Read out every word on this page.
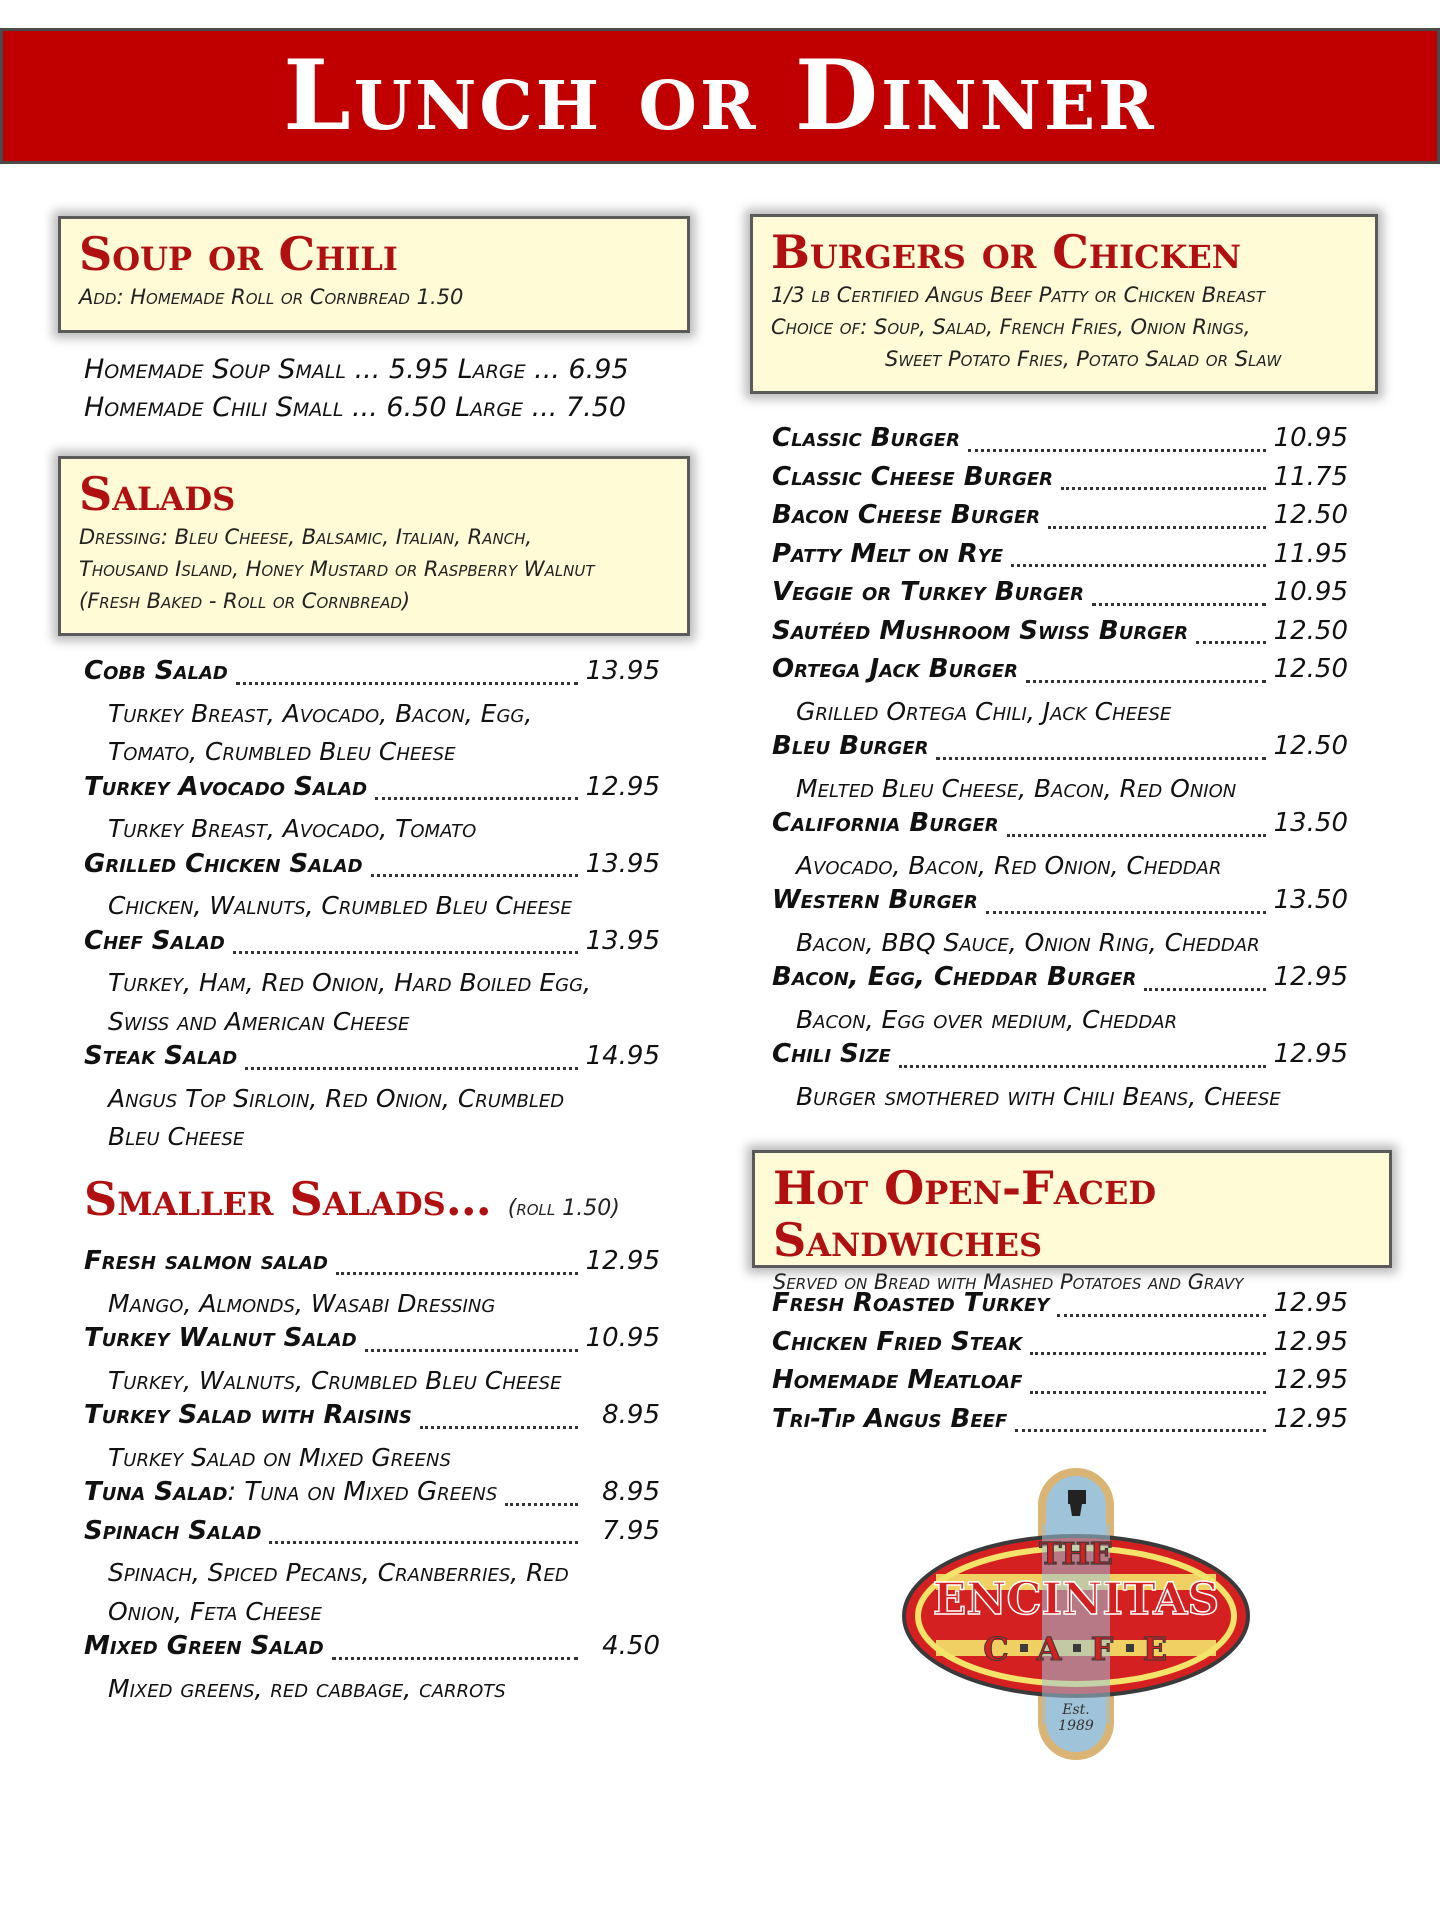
Lunch or Dinner
Soup or Chili
Add: Homemade Roll or Cornbread 1.50
Homemade Soup Small ... 5.95 Large ... 6.95
Homemade Chili Small ... 6.50 Large ... 7.50
Salads
Dressing: Bleu Cheese, Balsamic, Italian, Ranch,
Thousand Island, Honey Mustard or Raspberry Walnut
(Fresh Baked - Roll or Cornbread)
Cobb Salad	13.95
Turkey Breast, Avocado, Bacon, Egg,
Tomato, Crumbled Bleu Cheese
Turkey Avocado Salad	12.95
Turkey Breast, Avocado, Tomato
Grilled Chicken Salad	13.95
Chicken, Walnuts, Crumbled Bleu Cheese
Chef Salad	13.95
Turkey, Ham, Red Onion, Hard Boiled Egg,
Swiss and American Cheese
Steak Salad	14.95
Angus Top Sirloin, Red Onion, Crumbled
Bleu Cheese
Smaller Salads… (roll 1.50)
Fresh salmon salad	12.95
Mango, Almonds, Wasabi Dressing
Turkey Walnut Salad	10.95
Turkey, Walnuts, Crumbled Bleu Cheese
Turkey Salad with Raisins	8.95
Turkey Salad on Mixed Greens
Tuna Salad : Tuna on Mixed Greens	8.95
Spinach Salad	7.95
Spinach, Spiced Pecans, Cranberries, Red
Onion, Feta Cheese
Mixed Green Salad	4.50
Mixed greens, red cabbage, carrots
Burgers or Chicken
1/3 lb Certified Angus Beef Patty or Chicken Breast
Choice of: Soup, Salad, French Fries, Onion Rings,
Sweet Potato Fries, Potato Salad or Slaw
Classic Burger	10.95
Classic Cheese Burger	11.75
Bacon Cheese Burger	12.50
Patty Melt on Rye	11.95
Veggie or Turkey Burger	10.95
Sautéed Mushroom Swiss Burger	12.50
Ortega Jack Burger	12.50
Grilled Ortega Chili, Jack Cheese
Bleu Burger	12.50
Melted Bleu Cheese, Bacon, Red Onion
California Burger	13.50
Avocado, Bacon, Red Onion, Cheddar
Western Burger	13.50
Bacon, BBQ Sauce, Onion Ring, Cheddar
Bacon, Egg, Cheddar Burger	12.95
Bacon, Egg over medium, Cheddar
Chili Size	12.95
Burger smothered with Chili Beans, Cheese
Hot Open-Faced Sandwiches
Served on Bread with Mashed Potatoes and Gravy
Fresh Roasted Turkey	12.95
Chicken Fried Steak	12.95
Homemade Meatloaf	12.95
Tri-Tip Angus Beef	12.95
THE
ENCINITAS
C A F E
Est.
1989
